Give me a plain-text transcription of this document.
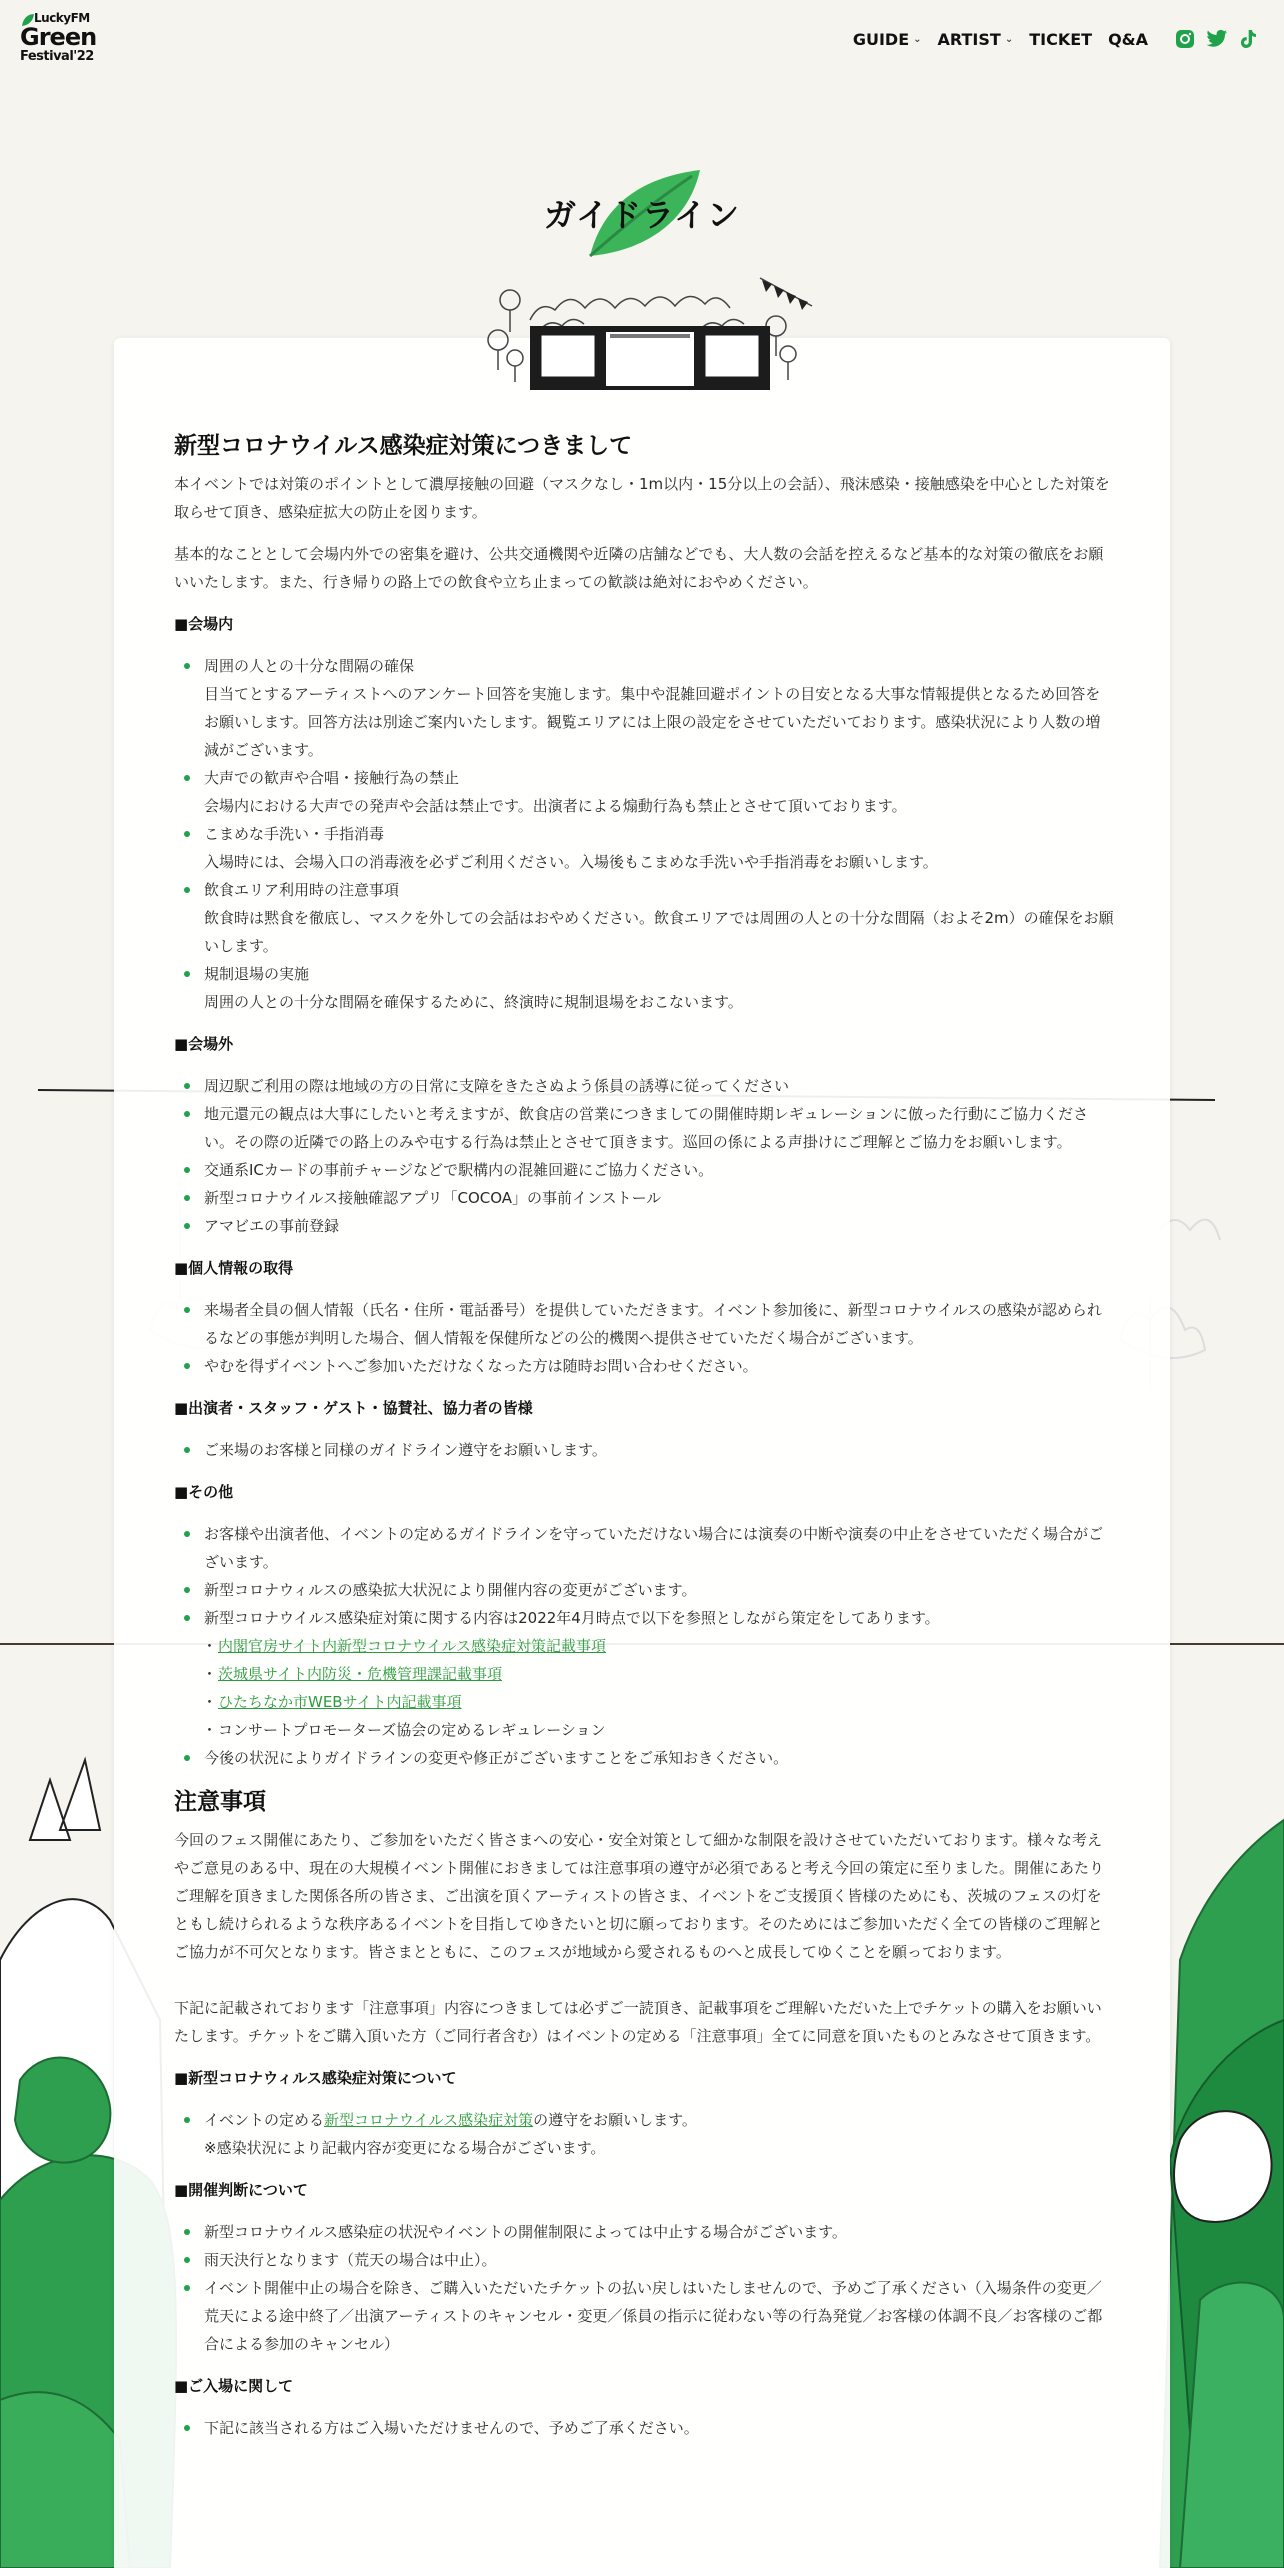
LuckyFM
Green
Festival'22
GUIDE ⌄ ARTIST ⌄ TICKET Q&A
ガイドライン
新型コロナウイルス感染症対策につきまして

本イベントでは対策のポイントとして濃厚接触の回避（マスクなし・1m以内・15分以上の会話）、飛沫感染・接触感染を中心とした対策を取らせて頂き、感染症拡大の防止を図ります。

基本的なこととして会場内外での密集を避け、公共交通機関や近隣の店舗などでも、大人数の会話を控えるなど基本的な対策の徹底をお願いいたします。また、行き帰りの路上での飲食や立ち止まっての歓談は絶対におやめください。

■会場内
周囲の人との十分な間隔の確保
目当てとするアーティストへのアンケート回答を実施します。集中や混雑回避ポイントの目安となる大事な情報提供となるため回答をお願いします。回答方法は別途ご案内いたします。観覧エリアには上限の設定をさせていただいております。感染状況により人数の増減がございます。
大声での歓声や合唱・接触行為の禁止
会場内における大声での発声や会話は禁止です。出演者による煽動行為も禁止とさせて頂いております。
こまめな手洗い・手指消毒
入場時には、会場入口の消毒液を必ずご利用ください。入場後もこまめな手洗いや手指消毒をお願いします。
飲食エリア利用時の注意事項
飲食時は黙食を徹底し、マスクを外しての会話はおやめください。飲食エリアでは周囲の人との十分な間隔（およそ2m）の確保をお願いします。
規制退場の実施
周囲の人との十分な間隔を確保するために、終演時に規制退場をおこないます。
■会場外
周辺駅ご利用の際は地域の方の日常に支障をきたさぬよう係員の誘導に従ってください
地元還元の観点は大事にしたいと考えますが、飲食店の営業につきましての開催時期レギュレーションに倣った行動にご協力ください。その際の近隣での路上のみや屯する行為は禁止とさせて頂きます。巡回の係による声掛けにご理解とご協力をお願いします。
交通系ICカードの事前チャージなどで駅構内の混雑回避にご協力ください。
新型コロナウイルス接触確認アプリ「COCOA」の事前インストール
アマビエの事前登録
■個人情報の取得
来場者全員の個人情報（氏名・住所・電話番号）を提供していただきます。イベント参加後に、新型コロナウイルスの感染が認められるなどの事態が判明した場合、個人情報を保健所などの公的機関へ提供させていただく場合がございます。
やむを得ずイベントへご参加いただけなくなった方は随時お問い合わせください。
■出演者・スタッフ・ゲスト・協賛社、協力者の皆様
ご来場のお客様と同様のガイドライン遵守をお願いします。
■その他
お客様や出演者他、イベントの定めるガイドラインを守っていただけない場合には演奏の中断や演奏の中止をさせていただく場合がございます。
新型コロナウィルスの感染拡大状況により開催内容の変更がございます。
新型コロナウイルス感染症対策に関する内容は2022年4月時点で以下を参照としながら策定をしてあります。
・ 内閣官房サイト内新型コロナウイルス感染症対策記載事項
・ 茨城県サイト内防災・危機管理課記載事項
・ ひたちなか市WEBサイト内記載事項
・ コンサートプロモーターズ協会の定めるレギュレーション
今後の状況によりガイドラインの変更や修正がございますことをご承知おきください。
注意事項

今回のフェス開催にあたり、ご参加をいただく皆さまへの安心・安全対策として細かな制限を設けさせていただいております。様々な考えやご意見のある中、現在の大規模イベント開催におきましては注意事項の遵守が必須であると考え今回の策定に至りました。開催にあたりご理解を頂きました関係各所の皆さま、ご出演を頂くアーティストの皆さま、イベントをご支援頂く皆様のためにも、茨城のフェスの灯をともし続けられるような秩序あるイベントを目指してゆきたいと切に願っております。そのためにはご参加いただく全ての皆様のご理解とご協力が不可欠となります。皆さまとともに、このフェスが地域から愛されるものへと成長してゆくことを願っております。

下記に記載されております「注意事項」内容につきましては必ずご一読頂き、記載事項をご理解いただいた上でチケットの購入をお願いいたします。チケットをご購入頂いた方（ご同行者含む）はイベントの定める「注意事項」全てに同意を頂いたものとみなさせて頂きます。

■新型コロナウィルス感染症対策について
イベントの定める新型コロナウイルス感染症対策の遵守をお願いします。
※感染状況により記載内容が変更になる場合がございます。
■開催判断について
新型コロナウイルス感染症の状況やイベントの開催制限によっては中止する場合がございます。
雨天決行となります（荒天の場合は中止）。
イベント開催中止の場合を除き、ご購入いただいたチケットの払い戻しはいたしませんので、予めご了承ください（入場条件の変更／荒天による途中終了／出演アーティストのキャンセル・変更／係員の指示に従わない等の行為発覚／お客様の体調不良／お客様のご都合による参加のキャンセル）
■ご入場に関して
下記に該当される方はご入場いただけませんので、予めご了承ください。
